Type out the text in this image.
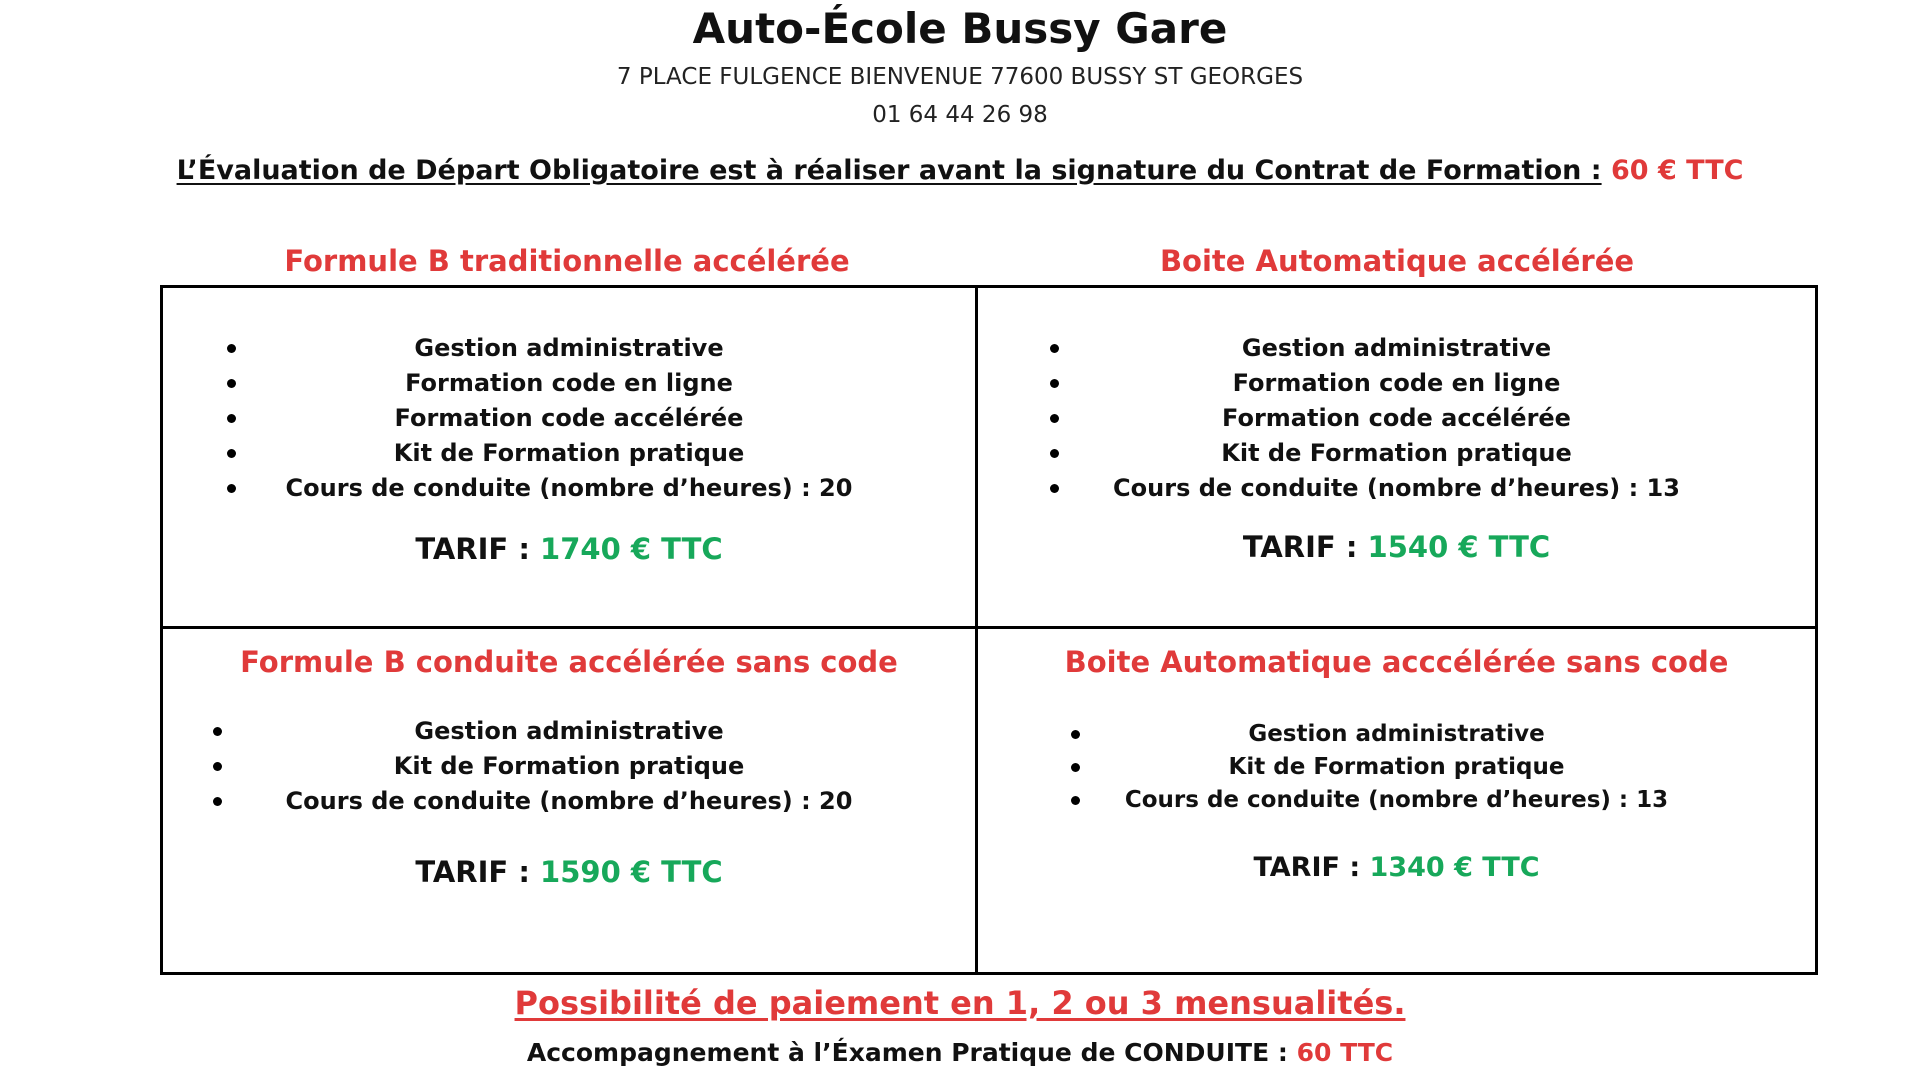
Auto-École Bussy Gare
7 PLACE FULGENCE BIENVENUE 77600 BUSSY ST GEORGES
01 64 44 26 98
L’Évaluation de Départ Obligatoire est à réaliser avant la signature du Contrat de Formation : 60 € TTC
Formule B traditionnelle accélérée	Boite Automatique accélérée
Gestion administrative
Formation code en ligne
Formation code accélérée
Kit de Formation pratique
Cours de conduite (nombre d’heures) : 20
TARIF : 1740 € TTC
Gestion administrative
Formation code en ligne
Formation code accélérée
Kit de Formation pratique
Cours de conduite (nombre d’heures) : 13
TARIF : 1540 € TTC
Formule B conduite accélérée sans code
Gestion administrative
Kit de Formation pratique
Cours de conduite (nombre d’heures) : 20
TARIF : 1590 € TTC
Boite Automatique acccélérée sans code
Gestion administrative
Kit de Formation pratique
Cours de conduite (nombre d’heures) : 13
TARIF : 1340 € TTC
Possibilité de paiement en 1, 2 ou 3 mensualités.
Accompagnement à l’Éxamen Pratique de CONDUITE : 60 TTC
